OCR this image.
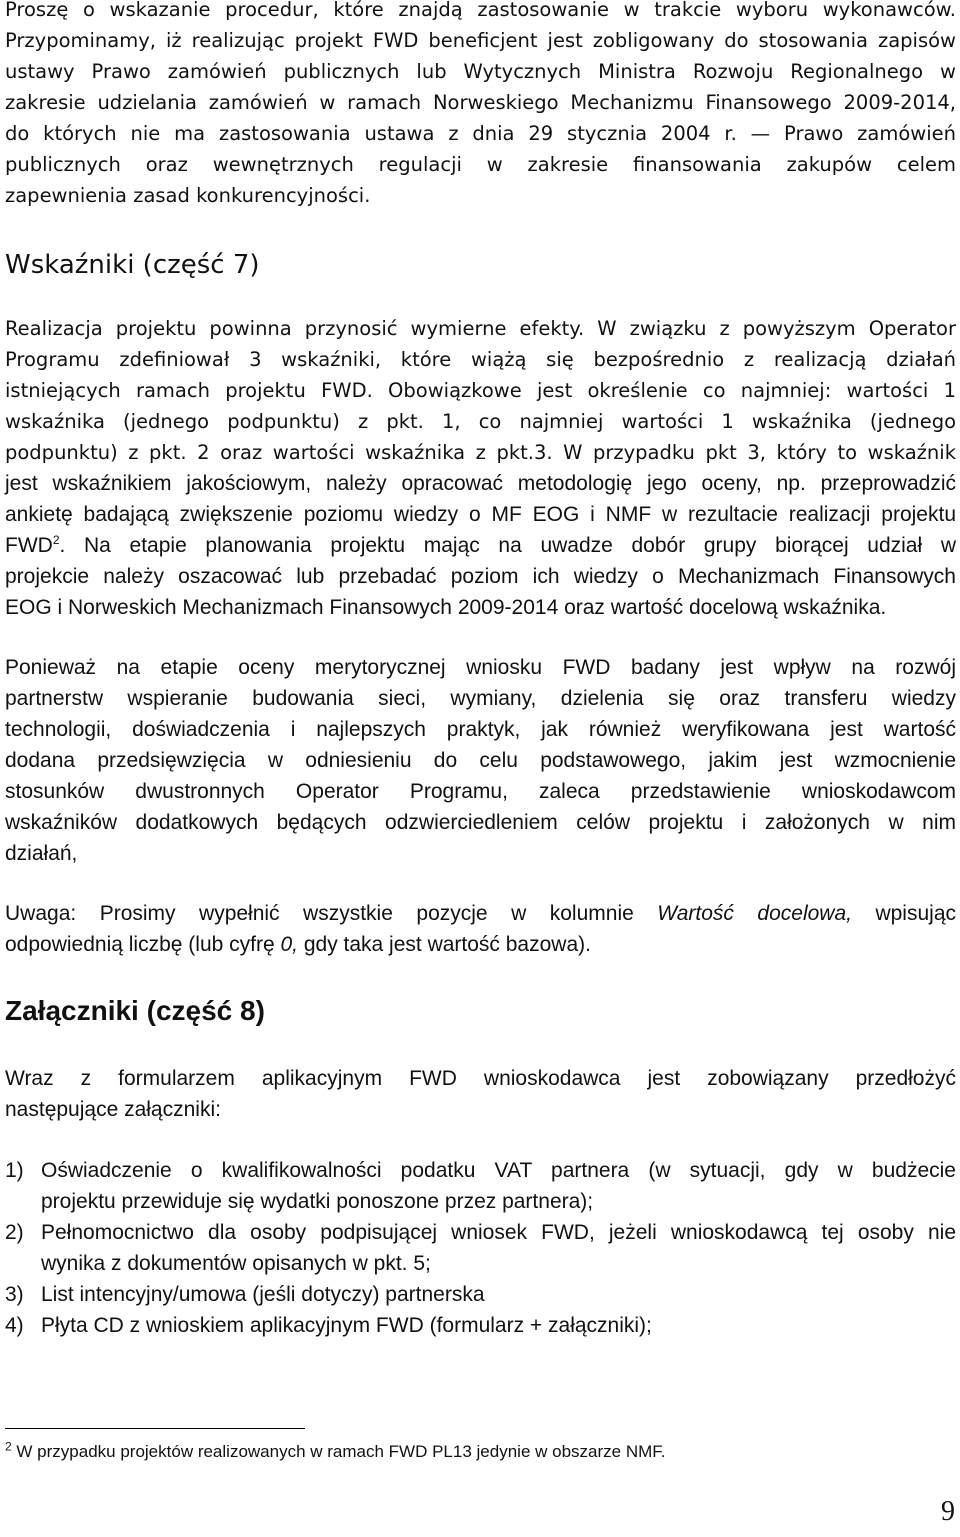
Proszę o wskazanie procedur, które znajdą zastosowanie w trakcie wyboru wykonawców.
Przypominamy, iż realizując projekt FWD beneficjent jest zobligowany do stosowania zapisów
ustawy Prawo zamówień publicznych lub Wytycznych Ministra Rozwoju Regionalnego w
zakresie udzielania zamówień w ramach Norweskiego Mechanizmu Finansowego 2009-2014,
do których nie ma zastosowania ustawa z dnia 29 stycznia 2004 r. — Prawo zamówień
publicznych oraz wewnętrznych regulacji w zakresie finansowania zakupów celem
zapewnienia zasad konkurencyjności.
Wskaźniki (część 7)
Realizacja projektu powinna przynosić wymierne efekty. W związku z powyższym Operator
Programu zdefiniował 3 wskaźniki, które wiążą się bezpośrednio z realizacją działań
istniejących ramach projektu FWD. Obowiązkowe jest określenie co najmniej: wartości 1
wskaźnika (jednego podpunktu) z pkt. 1, co najmniej wartości 1 wskaźnika (jednego
podpunktu) z pkt. 2 oraz wartości wskaźnika z pkt.3. W przypadku pkt 3, który to wskaźnik
jest wskaźnikiem jakościowym, należy opracować metodologię jego oceny, np. przeprowadzić
ankietę badającą zwiększenie poziomu wiedzy o MF EOG i NMF w rezultacie realizacji projektu
FWD$^2$. Na etapie planowania projektu mając na uwadze dobór grupy biorącej udział w
projekcie należy oszacować lub przebadać poziom ich wiedzy o Mechanizmach Finansowych
EOG i Norweskich Mechanizmach Finansowych 2009-2014 oraz wartość docelową wskaźnika.
Ponieważ na etapie oceny merytorycznej wniosku FWD badany jest wpływ na rozwój
partnerstw wspieranie budowania sieci, wymiany, dzielenia się oraz transferu wiedzy
technologii, doświadczenia i najlepszych praktyk, jak również weryfikowana jest wartość
dodana przedsięwzięcia w odniesieniu do celu podstawowego, jakim jest wzmocnienie
stosunków dwustronnych Operator Programu, zaleca przedstawienie wnioskodawcom
wskaźników dodatkowych będących odzwierciedleniem celów projektu i założonych w nim
działań,
Uwaga: Prosimy wypełnić wszystkie pozycje w kolumnie Wartość docelowa, wpisując
odpowiednią liczbę (lub cyfrę 0, gdy taka jest wartość bazowa).
Załączniki (część 8)
Wraz z formularzem aplikacyjnym FWD wnioskodawca jest zobowiązany przedłożyć
następujące załączniki:
1) Oświadczenie o kwalifikowalności podatku VAT partnera (w sytuacji, gdy w budżecie
projektu przewiduje się wydatki ponoszone przez partnera);
2) Pełnomocnictwo dla osoby podpisującej wniosek FWD, jeżeli wnioskodawcą tej osoby nie
wynika z dokumentów opisanych w pkt. 5;
3) List intencyjny/umowa (jeśli dotyczy) partnerska
4) Płyta CD z wnioskiem aplikacyjnym FWD (formularz + załączniki);
$^2$ W przypadku projektów realizowanych w ramach FWD PL13 jedynie w obszarze NMF.
9
